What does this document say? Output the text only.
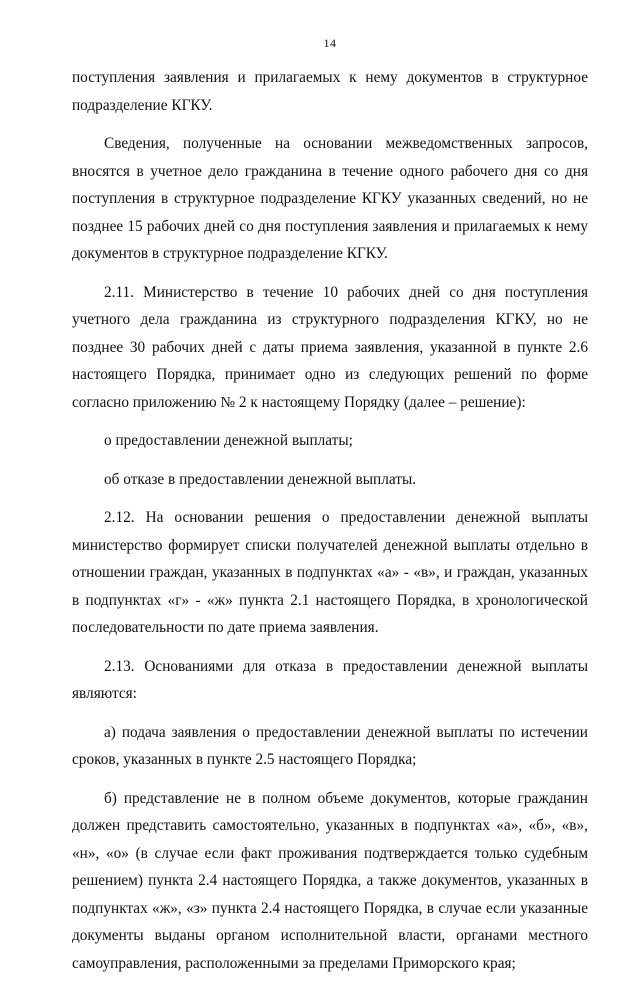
14

поступления заявления и прилагаемых к нему документов в структурное подразделение КГКУ.

Сведения, полученные на основании межведомственных запросов, вносятся в учетное дело гражданина в течение одного рабочего дня со дня поступления в структурное подразделение КГКУ указанных сведений, но не позднее 15 рабочих дней со дня поступления заявления и прилагаемых к нему документов в структурное подразделение КГКУ.

2.11. Министерство в течение 10 рабочих дней со дня поступления учетного дела гражданина из структурного подразделения КГКУ, но не позднее 30 рабочих дней с даты приема заявления, указанной в пункте 2.6 настоящего Порядка, принимает одно из следующих решений по форме согласно приложению № 2 к настоящему Порядку (далее – решение):

о предоставлении денежной выплаты;

об отказе в предоставлении денежной выплаты.

2.12. На основании решения о предоставлении денежной выплаты министерство формирует списки получателей денежной выплаты отдельно в отношении граждан, указанных в подпунктах «а» - «в», и граждан, указанных в подпунктах «г» - «ж» пункта 2.1 настоящего Порядка, в хронологической последовательности по дате приема заявления.

2.13. Основаниями для отказа в предоставлении денежной выплаты являются:

а) подача заявления о предоставлении денежной выплаты по истечении сроков, указанных в пункте 2.5 настоящего Порядка;

б) представление не в полном объеме документов, которые гражданин должен представить самостоятельно, указанных в подпунктах «а», «б», «в», «н», «о» (в случае если факт проживания подтверждается только судебным решением) пункта 2.4 настоящего Порядка, а также документов, указанных в подпунктах «ж», «з» пункта 2.4 настоящего Порядка, в случае если указанные документы выданы органом исполнительной власти, органами местного самоуправления, расположенными за пределами Приморского края;
